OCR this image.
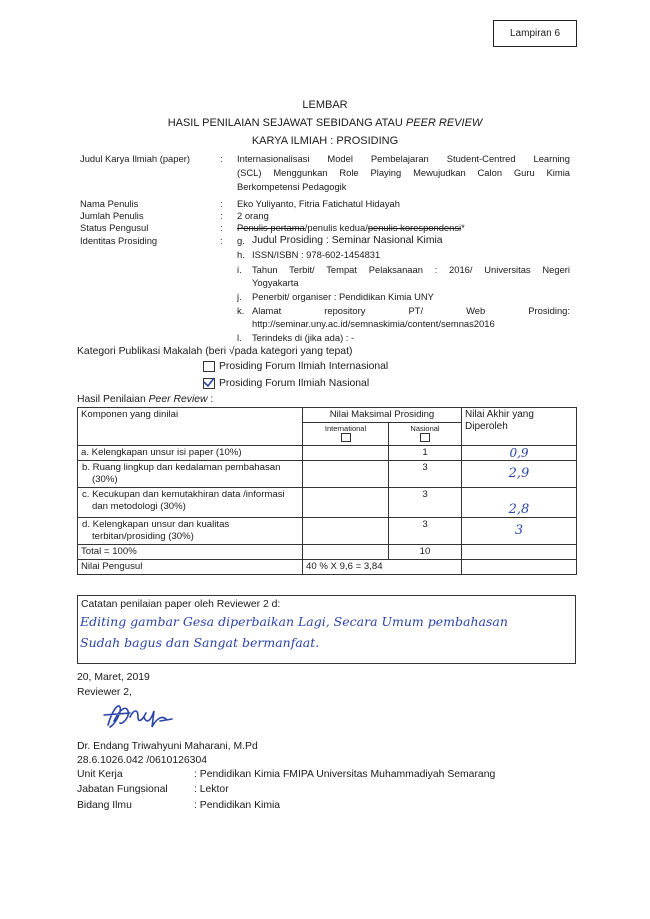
Lampiran 6
LEMBAR
HASIL PENILAIAN SEJAWAT SEBIDANG ATAU PEER REVIEW
KARYA ILMIAH : PROSIDING
Judul Karya Ilmiah (paper)	:	Internasionalisasi Model Pembelajaran Student-Centred Learning
(SCL) Menggunkan Role Playing Mewujudkan Calon Guru Kimia
Berkompetensi Pedagogik
Nama Penulis	:	Eko Yuliyanto, Fitria Fatichatul Hidayah
Jumlah Penulis	:	2 orang
Status Pengusul	:	Penulis pertama/penulis kedua/penulis korespondensi*
Identitas Prosiding	:	g. Judul Prosiding : Seminar Nasional Kimia
h. ISSN/ISBN : 978-602-1454831
i. Tahun Terbit/ Tempat Pelaksanaan : 2016/ Universitas Negeri
Yogyakarta
j. Penerbit/ organiser : Pendidikan Kimia UNY
k. Alamat repository PT/ Web Prosiding:
http://seminar.uny.ac.id/semnaskimia/content/semnas2016
l. Terindeks di (jika ada) : -
Kategori Publikasi Makalah (beri √pada kategori yang tepat)
Prosiding Forum Ilmiah Internasional
Prosiding Forum Ilmiah Nasional
Hasil Penilaian Peer Review :
Komponen yang dinilai	Nilai Maksimal Prosiding		Nilai Akhir yang Diperoleh

	International	Nasional	

a. Kelengkapan unsur isi paper (10%)		1	0,9
b. Ruang lingkup dan kedalaman pembahasan (30%)		3	2,9
c. Kecukupan dan kemutakhiran data /informasi dan metodologi (30%)		3	2,8
d. Kelengkapan unsur dan kualitas terbitan/prosiding (30%)		3	3
Total = 100%		10	
Nilai Pengusul	40 % X 9,6 = 3,84		
Catatan penilaian paper oleh Reviewer 2 d:
Editing gambar Gesa diperbaikan Lagi, Secara Umum pembahasan
Sudah bagus dan Sangat bermanfaat.
20, Maret, 2019
Reviewer 2,
Dr. Endang Triwahyuni Maharani, M.Pd
28.6.1026.042 /0610126304
Unit Kerja	: Pendidikan Kimia FMIPA Universitas Muhammadiyah Semarang
Jabatan Fungsional	: Lektor
Bidang Ilmu	: Pendidikan Kimia
